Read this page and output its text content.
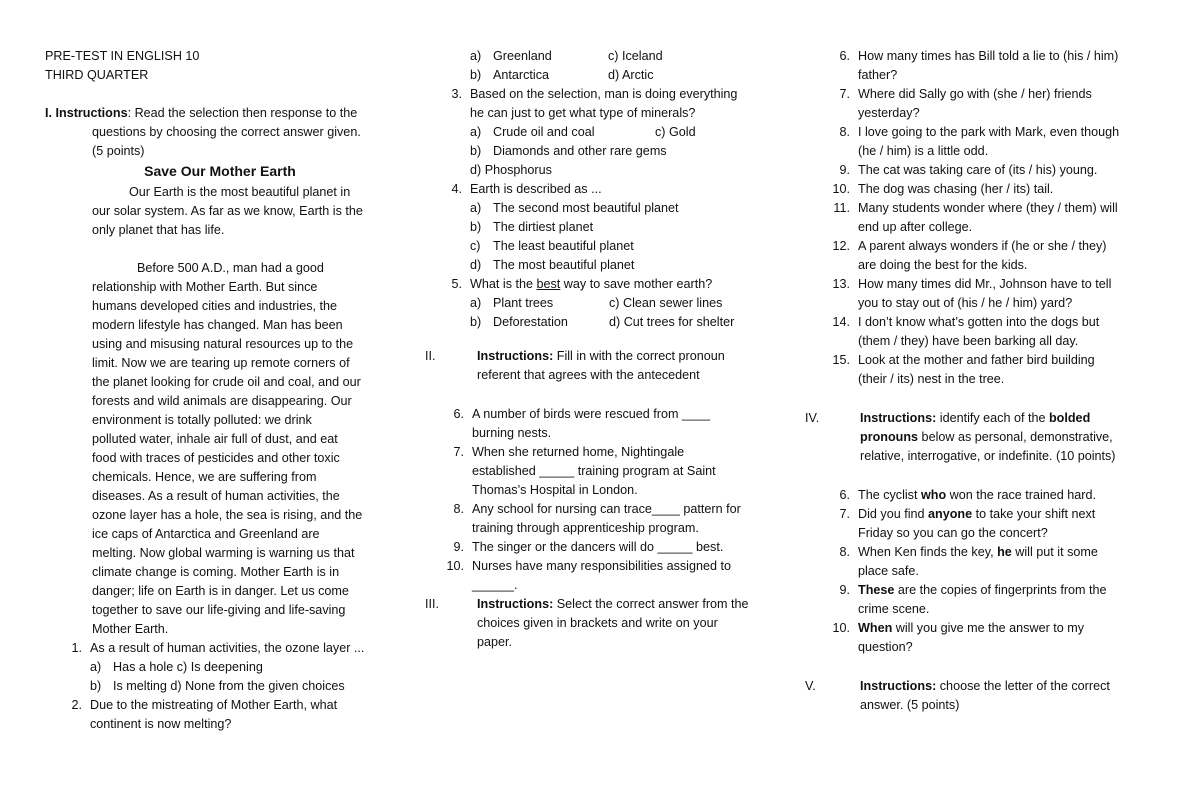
PRE-TEST IN ENGLISH 10
THIRD QUARTER
I. Instructions: Read the selection then response to the
questions by choosing the correct answer given.
(5 points)
Save Our Mother Earth
Our Earth is the most beautiful planet in
our solar system. As far as we know, Earth is the
only planet that has life.
Before 500 A.D., man had a good
relationship with Mother Earth. But since
humans developed cities and industries, the
modern lifestyle has changed. Man has been
using and misusing natural resources up to the
limit. Now we are tearing up remote corners of
the planet looking for crude oil and coal, and our
forests and wild animals are disappearing. Our
environment is totally polluted: we drink
polluted water, inhale air full of dust, and eat
food with traces of pesticides and other toxic
chemicals. Hence, we are suffering from
diseases. As a result of human activities, the
ozone layer has a hole, the sea is rising, and the
ice caps of Antarctica and Greenland are
melting. Now global warming is warning us that
climate change is coming. Mother Earth is in
danger; life on Earth is in danger. Let us come
together to save our life-giving and life-saving
Mother Earth.
1. As a result of human activities, the ozone layer ...
a) Has a hole c) Is deepening
b) Is melting d) None from the given choices
2. Due to the mistreating of Mother Earth, what
continent is now melting?
a) Greenland	c) Iceland
b) Antarctica	d) Arctic
3. Based on the selection, man is doing everything
he can just to get what type of minerals?
a) Crude oil and coal	c) Gold
b) Diamonds and other rare gems
d) Phosphorus
4. Earth is described as ...
a) The second most beautiful planet
b) The dirtiest planet
c) The least beautiful planet
d) The most beautiful planet
5. What is the best way to save mother earth?
a) Plant trees	c) Clean sewer lines
b) Deforestation	d) Cut trees for shelter
II.	Instructions: Fill in with the correct pronoun
referent that agrees with the antecedent
6. A number of birds were rescued from ____
burning nests.
7. When she returned home, Nightingale
established _____ training program at Saint
Thomas’s Hospital in London.
8. Any school for nursing can trace____ pattern for
training through apprenticeship program.
9. The singer or the dancers will do _____ best.
10. Nurses have many responsibilities assigned to
______.
III.	Instructions: Select the correct answer from the
choices given in brackets and write on your
paper.
6. How many times has Bill told a lie to (his / him)
father?
7. Where did Sally go with (she / her) friends
yesterday?
8. I love going to the park with Mark, even though
(he / him) is a little odd.
9. The cat was taking care of (its / his) young.
10. The dog was chasing (her / its) tail.
11. Many students wonder where (they / them) will
end up after college.
12. A parent always wonders if (he or she / they)
are doing the best for the kids.
13. How many times did Mr., Johnson have to tell
you to stay out of (his / he / him) yard?
14. I don’t know what’s gotten into the dogs but
(them / they) have been barking all day.
15. Look at the mother and father bird building
(their / its) nest in the tree.
IV.	Instructions: identify each of the bolded
pronouns below as personal, demonstrative,
relative, interrogative, or indefinite. (10 points)
6. The cyclist who won the race trained hard.
7. Did you find anyone to take your shift next
Friday so you can go the concert?
8. When Ken finds the key, he will put it some
place safe.
9. These are the copies of fingerprints from the
crime scene.
10. When will you give me the answer to my
question?
V.	Instructions: choose the letter of the correct
answer. (5 points)
